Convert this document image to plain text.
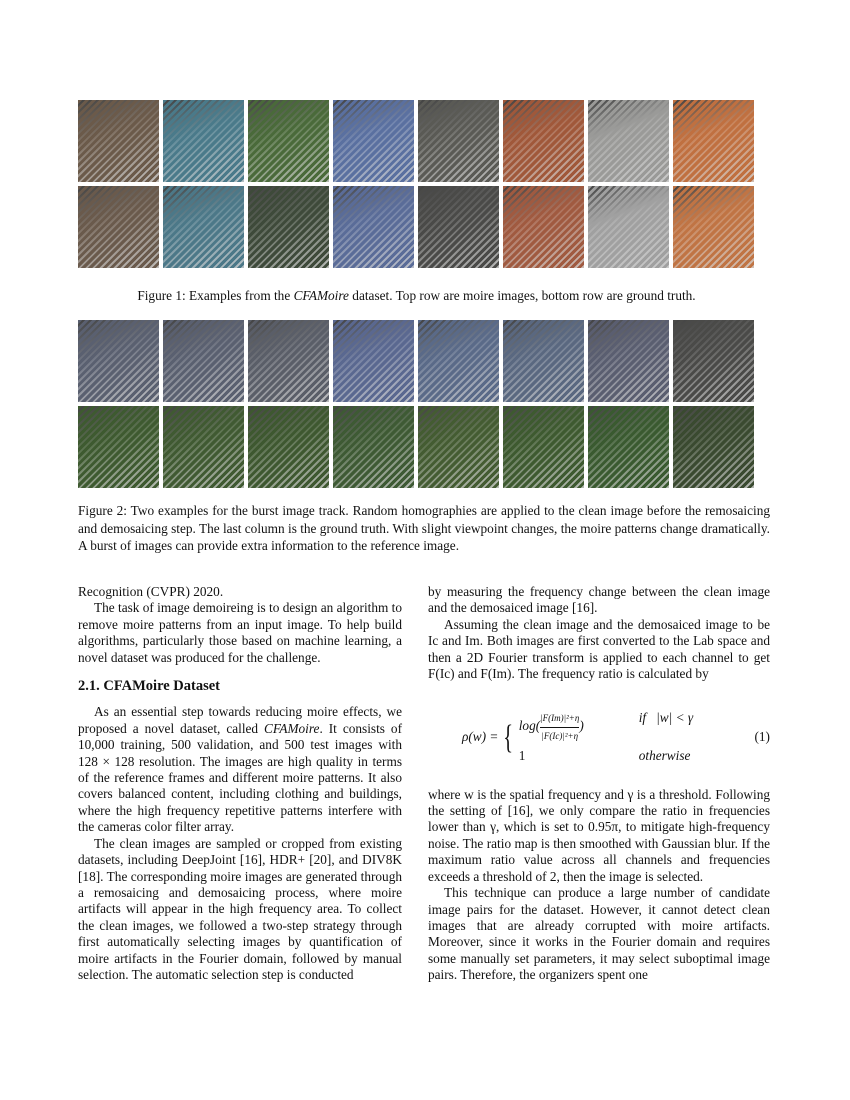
Figure 1: Examples from the CFAMoire dataset. Top row are moire images, bottom row are ground truth.
Figure 2: Two examples for the burst image track. Random homographies are applied to the clean image before the remosaicing and demosaicing step. The last column is the ground truth. With slight viewpoint changes, the moire patterns change dramatically. A burst of images can provide extra information to the reference image.

Recognition (CVPR) 2020.

The task of image demoireing is to design an algorithm to remove moire patterns from an input image. To help build algorithms, particularly those based on machine learning, a novel dataset was produced for the challenge.

2.1. CFAMoire Dataset

As an essential step towards reducing moire effects, we proposed a novel dataset, called CFAMoire. It consists of 10,000 training, 500 validation, and 500 test images with 128 × 128 resolution. The images are high quality in terms of the reference frames and different moire patterns. It also covers balanced content, including clothing and buildings, where the high frequency repetitive patterns interfere with the cameras color filter array.

The clean images are sampled or cropped from existing datasets, including DeepJoint [16], HDR+ [20], and DIV8K [18]. The corresponding moire images are generated through a remosaicing and demosaicing process, where moire artifacts will appear in the high frequency area. To collect the clean images, we followed a two-step strategy through first automatically selecting images by quantification of moire artifacts in the Fourier domain, followed by manual selection. The automatic selection step is conducted

by measuring the frequency change between the clean image and the demosaiced image [16].

Assuming the clean image and the demosaiced image to be Ic and Im. Both images are first converted to the Lab space and then a 2D Fourier transform is applied to each channel to get F(Ic) and F(Im). The frequency ratio is calculated by

ρ(w) = { $\log( \frac{\text{|F(Im)|²+η}}{\text{|F(Ic)|²+η}}$ )
if   |w| < γ
1	otherwise
(1)

where w is the spatial frequency and γ is a threshold. Following the setting of [16], we only compare the ratio in frequencies lower than γ, which is set to 0.95π, to mitigate high-frequency noise. The ratio map is then smoothed with Gaussian blur. If the maximum ratio value across all channels and frequencies exceeds a threshold of 2, then the image is selected.

This technique can produce a large number of candidate image pairs for the dataset. However, it cannot detect clean images that are already corrupted with moire artifacts. Moreover, since it works in the Fourier domain and requires some manually set parameters, it may select suboptimal image pairs. Therefore, the organizers spent one
